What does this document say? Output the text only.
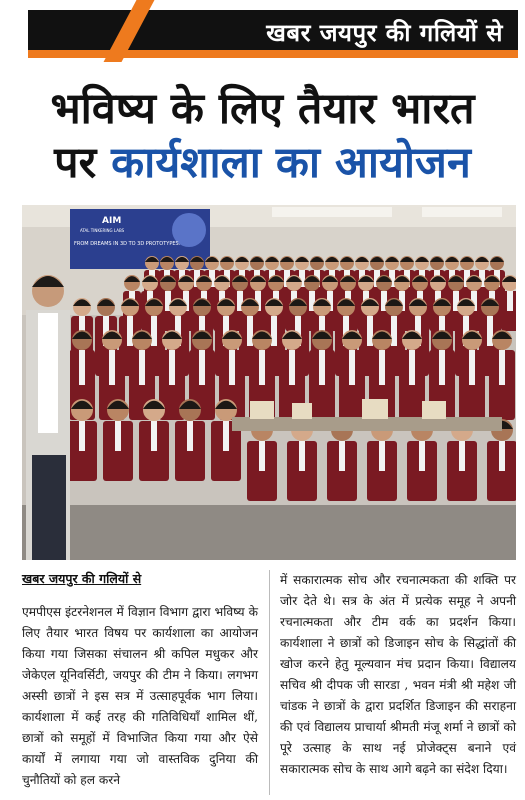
खबर जयपुर की गलियों से
भविष्य के लिए तैयार भारत
पर कार्यशाला का आयोजन
AIM
ATAL TINKERING LABS
FROM DREAMS IN 3D TO 3D PROTOTYPES.
खबर जयपुर की गलियों से
एमपीएस इंटरनेशनल में विज्ञान विभाग द्वारा भविष्य के लिए तैयार भारत विषय पर कार्यशाला का आयोजन किया गया जिसका संचालन श्री कपिल मधुकर और जेकेएल यूनिवर्सिटी, जयपुर की टीम ने किया। लगभग अस्सी छात्रों ने इस सत्र में उत्साहपूर्वक भाग लिया। कार्यशाला में कई तरह की गतिविधियाँ शामिल थीं, छात्रों को समूहों में विभाजित किया गया और ऐसे कार्यों में लगाया गया जो वास्तविक दुनिया की चुनौतियों को हल करने
में सकारात्मक सोच और रचनात्मकता की शक्ति पर जोर देते थे। सत्र के अंत में प्रत्येक समूह ने अपनी रचनात्मकता और टीम वर्क का प्रदर्शन किया। कार्यशाला ने छात्रों को डिजाइन सोच के सिद्धांतों की खोज करने हेतु मूल्यवान मंच प्रदान किया। विद्यालय सचिव श्री दीपक जी सारडा , भवन मंत्री श्री महेश जी चांडक ने छात्रों के द्वारा प्रदर्शित डिजाइन की सराहना की एवं विद्यालय प्राचार्या श्रीमती मंजू शर्मा ने छात्रों को पूरे उत्साह के साथ नई प्रोजेक्ट्स बनाने एवं सकारात्मक सोच के साथ आगे बढ़ने का संदेश दिया।
